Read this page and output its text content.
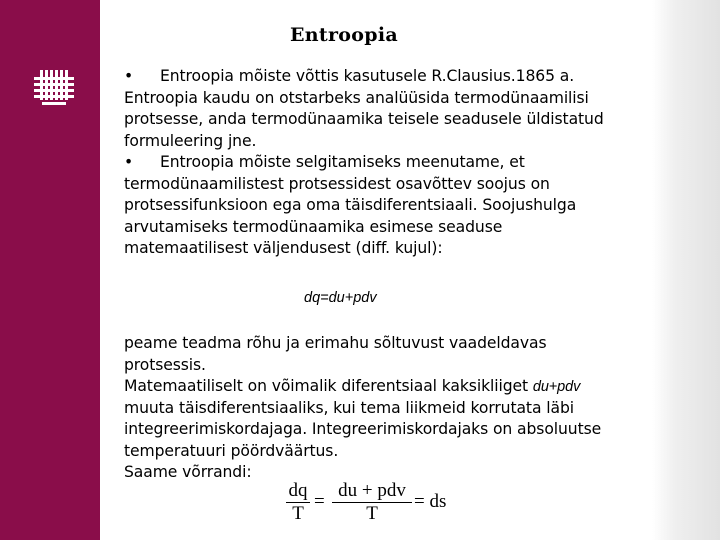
Entroopia
• Entroopia mõiste võttis kasutusele R.Clausius.1865 a.
Entroopia kaudu on otstarbeks analüüsida termodünaamilisi
protsesse, anda termodünaamika teisele seadusele üldistatud
formuleering jne.
• Entroopia mõiste selgitamiseks meenutame, et
termodünaamilistest protsessidest osavõttev soojus on
protsessifunksioon ega oma täisdiferentsiaali. Soojushulga
arvutamiseks termodünaamika esimese seaduse
matemaatilisest väljendusest (diff. kujul):
dq=du+pdv
peame teadma rõhu ja erimahu sõltuvust vaadeldavas
protsessis.
Matemaatiliselt on võimalik diferentsiaal kaksikliiget du+pdv
muuta täisdiferentsiaaliks, kui tema liikmeid korrutata läbi
integreerimiskordajaga. Integreerimiskordajaks on absoluutse
temperatuuri pöördväärtus.
Saame võrrandi:
dq
T
=
du + pdv
T
= ds
